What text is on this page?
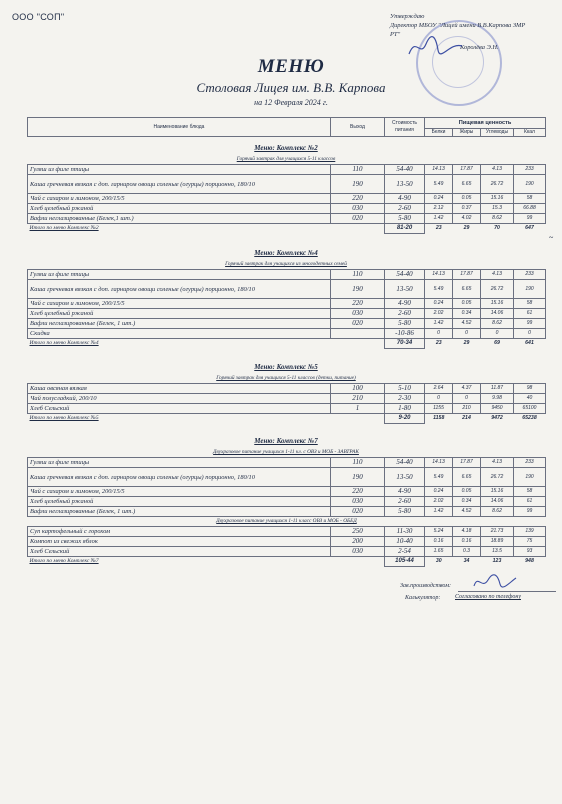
ООО "СОП"	Утверждаю
Директор МБОУ "Лицей имени В.В.Карпова ЗМР
РТ"
Королёва Э.Н.
МЕНЮ
Столовая Лицея им. В.В. Карпова
на 12 Февраля 2024 г.
Наименование блюда	Выход	Стоимость питания	Пищевая ценность			
			Белки	Жиры	Углеводы	Ккал
Меню: Комплекс №2
Горячий завтрак для учащихся 5-11 классов
Гуляш из филе птицы	110	54-40	14.13	17.87	4.13	233
Каша гречневая вязкая с доп. гарниром овощи соленые (огурцы) порционно, 180/10	190	13-50	5.49	6.65	26.72	190
Чай с сахаром и лимоном, 200/15/5	220	4-90	0.24	0.05	15.16	58
Хлеб целебный ржаной	030	2-60	2.12	0.37	15.3	66.88
Вафли неглазированные (Белек,1 шт.)	020	5-80	1.42	4.02	8.62	99
Итого по меню Комплекс №2		81-20	23	29	70	647
Меню: Комплекс №4
Горячий завтрак для учащихся из многодетных семей
Гуляш из филе птицы	110	54-40	14.13	17.87	4.13	233
Каша гречневая вязкая с доп. гарниром овощи соленые (огурцы) порционно, 180/10	190	13-50	5.49	6.65	26.72	190
Чай с сахаром и лимоном, 200/15/5	220	4-90	0.24	0.05	15.16	58
Хлеб целебный ржаной	030	2-60	2.02	0.34	14.06	61
Вафли неглазированные (Белек, 1 шт.)	020	5-80	1.42	4.52	8.62	99
Скидка		-10-86	0	0	0	0
Итого по меню Комплекс №4		70-34	23	29	69	641
Меню: Комплекс №5
Горячий завтрак для учащихся 5-11 классов (детки, питание)
Каша овсяная вязкая	100	5-10	2.64	4.37	11.87	98
Чай полусладкий, 200/10	210	2-30	0	0	9.98	40
Хлеб Сельский	1	1-80	1155	210	9450	65100
Итого по меню Комплекс №5		9-20	1158	214	9472	65238
Меню: Комплекс №7
Двухразовое питание учащихся 1-11 кл. с ОВЗ и МОБ - ЗАВТРАК
Гуляш из филе птицы	110	54-40	14.13	17.87	4.13	233
Каша гречневая вязкая с доп. гарниром овощи соленые (огурцы) порционно, 180/10	190	13-50	5.49	6.65	26.72	190
Чай с сахаром и лимоном, 200/15/5	220	4-90	0.24	0.05	15.16	58
Хлеб целебный ржаной	030	2-60	2.02	0.34	14.06	61
Вафли неглазированные (Белек, 1 шт.)	020	5-80	1.42	4.52	8.62	99
Двухразовое питание учащихся 1-11 класс ОВЗ и МОБ - ОБЕД						
Суп картофельный с горохом	250	11-30	5.24	4.18	21.73	139
Компот из свежих яблок	200	10-40	0.16	0.16	18.89	75
Хлеб Сельский	030	2-54	1.65	0.3	13.5	93
Итого по меню Комплекс №7		105-44	30	34	123	948
Зав.производством:
Калькулятор: Согласовано по телефону
~
